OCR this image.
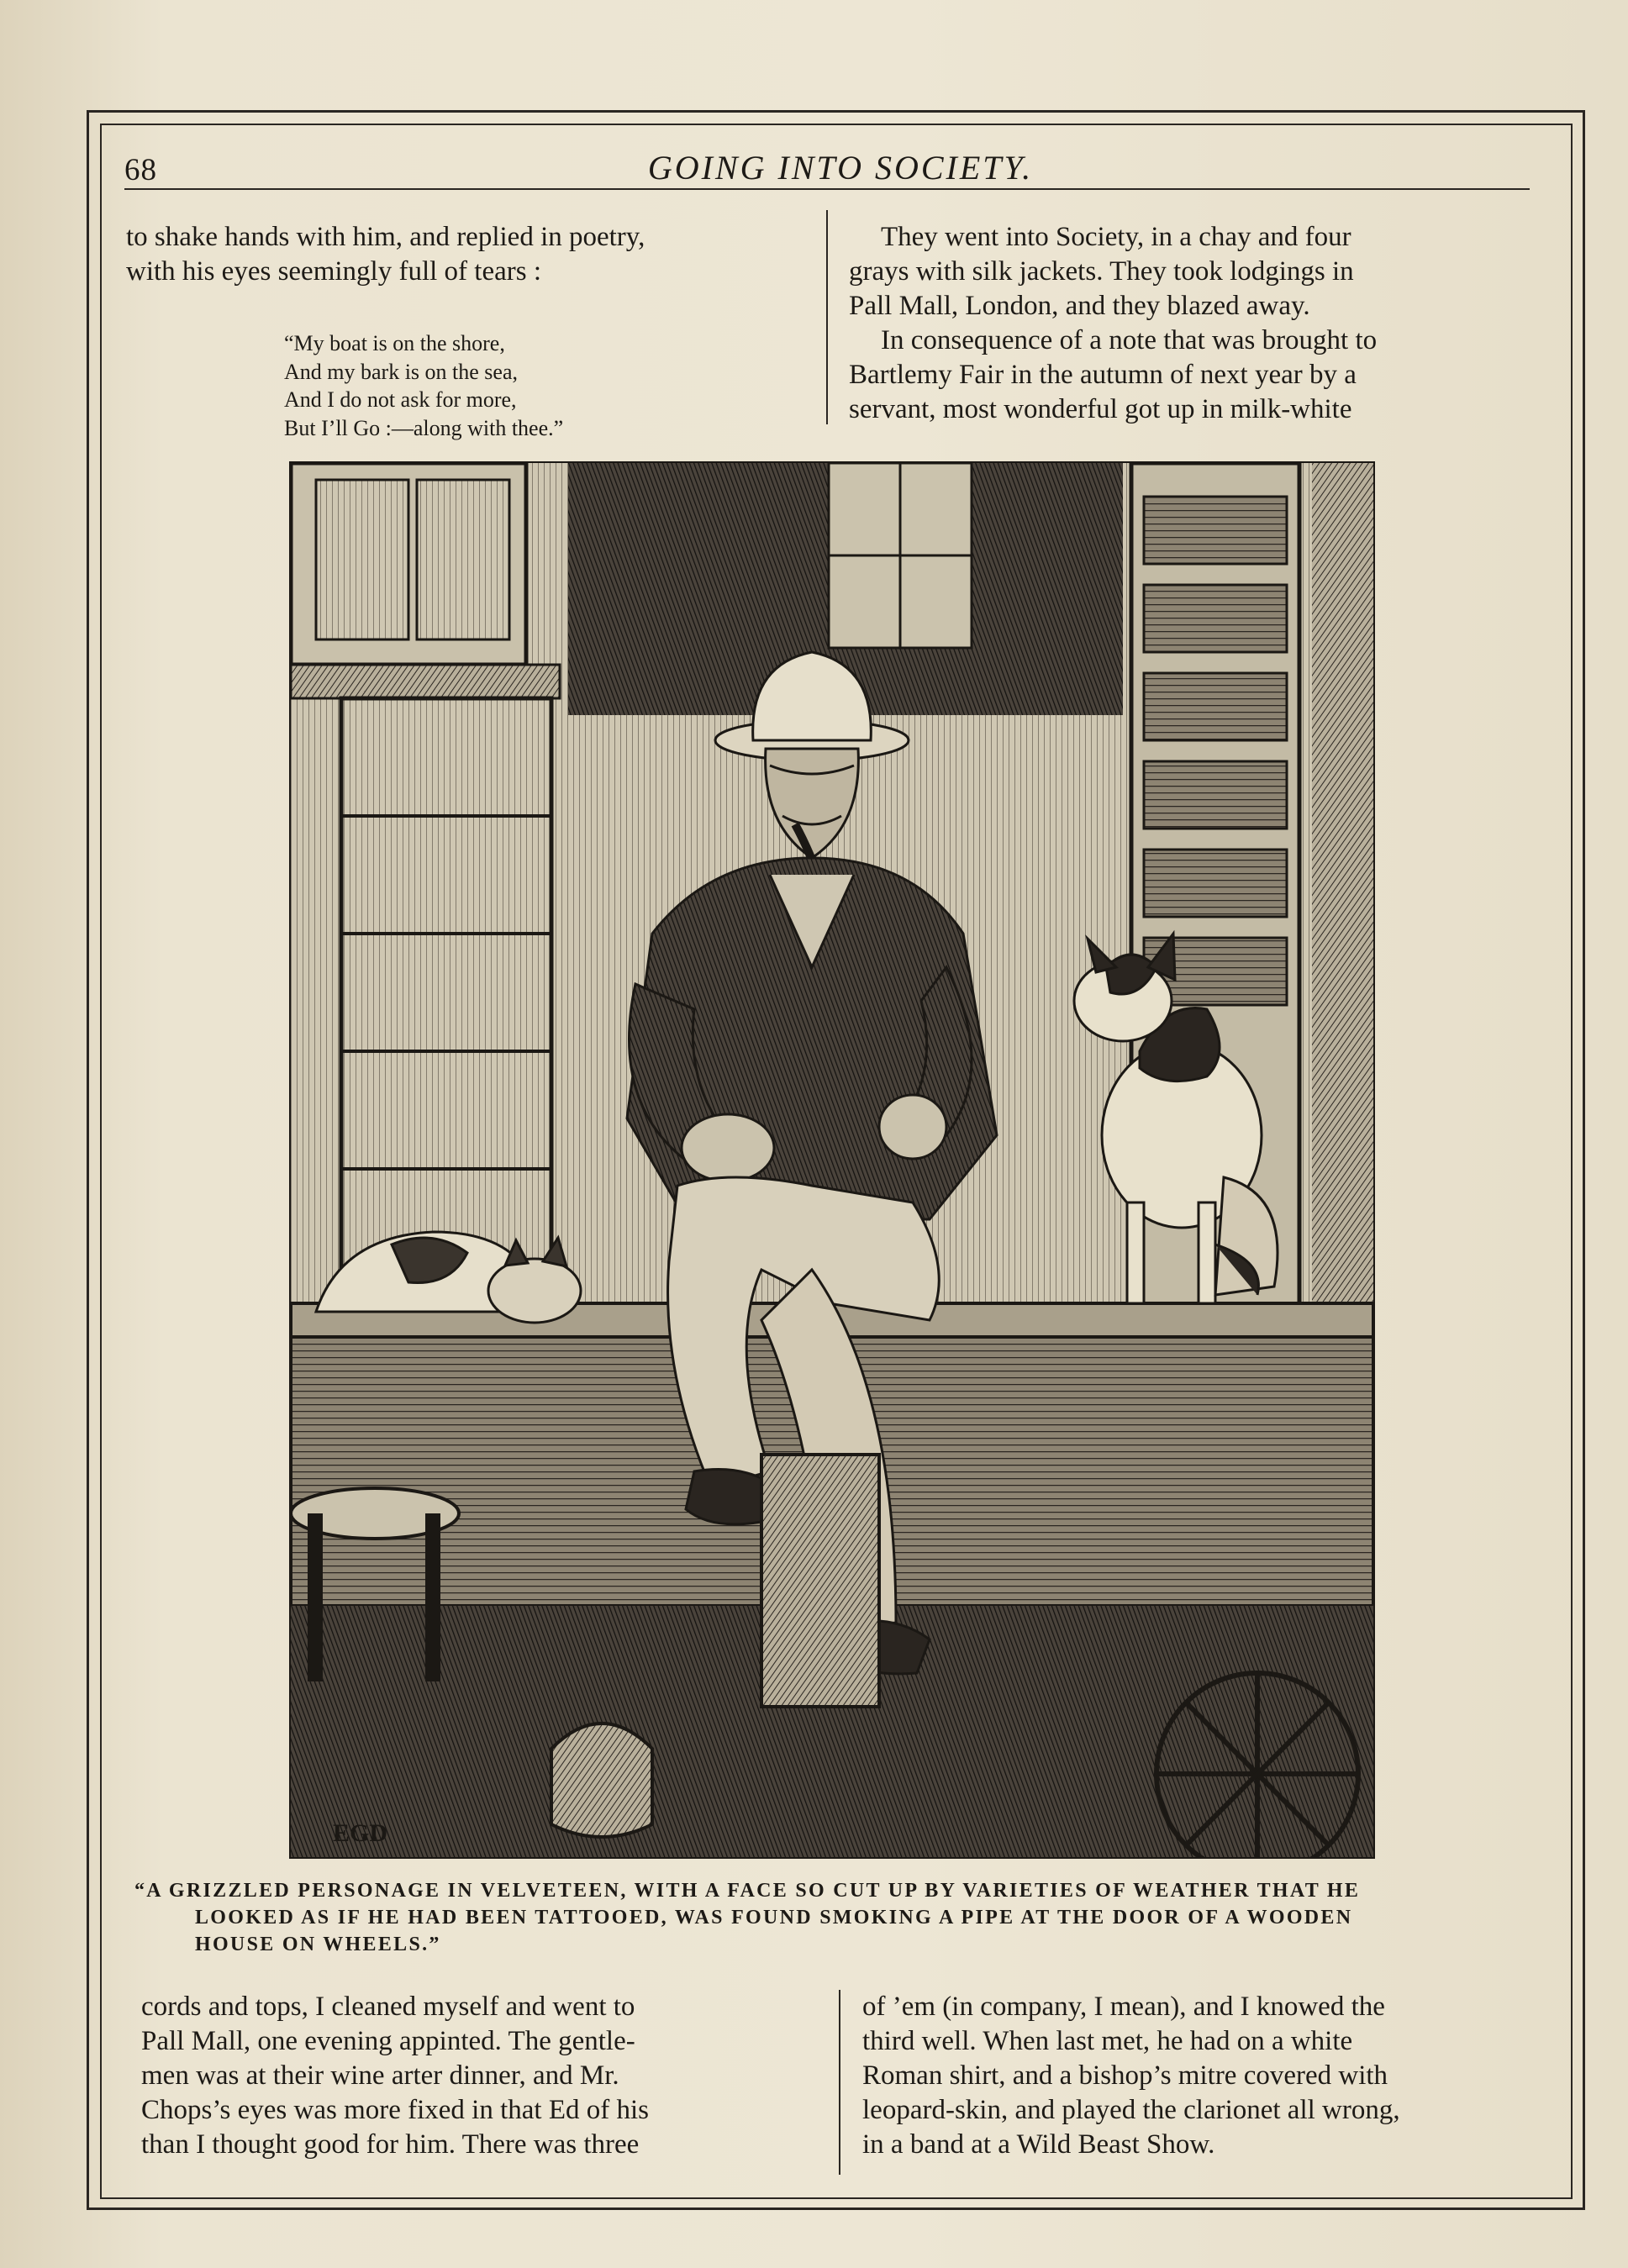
68	GOING INTO SOCIETY.

to shake hands with him, and replied in poetry,

with his eyes seemingly full of tears :

“My boat is on the shore,
And my bark is on the sea,
And I do not ask for more,
But I’ll Go :—along with thee.”

They went into Society, in a chay and four

grays with silk jackets. They took lodgings in

Pall Mall, London, and they blazed away.

In consequence of a note that was brought to

Bartlemy Fair in the autumn of next year by a

servant, most wonderful got up in milk-white

EGD
“A GRIZZLED PERSONAGE IN VELVETEEN, WITH A FACE SO CUT UP BY VARIETIES OF WEATHER THAT HE
LOOKED AS IF HE HAD BEEN TATTOOED, WAS FOUND SMOKING A PIPE AT THE DOOR OF A WOODEN
HOUSE ON WHEELS.”

cords and tops, I cleaned myself and went to

Pall Mall, one evening appinted. The gentle-

men was at their wine arter dinner, and Mr.

Chops’s eyes was more fixed in that Ed of his

than I thought good for him. There was three

of ’em (in company, I mean), and I knowed the

third well. When last met, he had on a white

Roman shirt, and a bishop’s mitre covered with

leopard-skin, and played the clarionet all wrong,

in a band at a Wild Beast Show.
